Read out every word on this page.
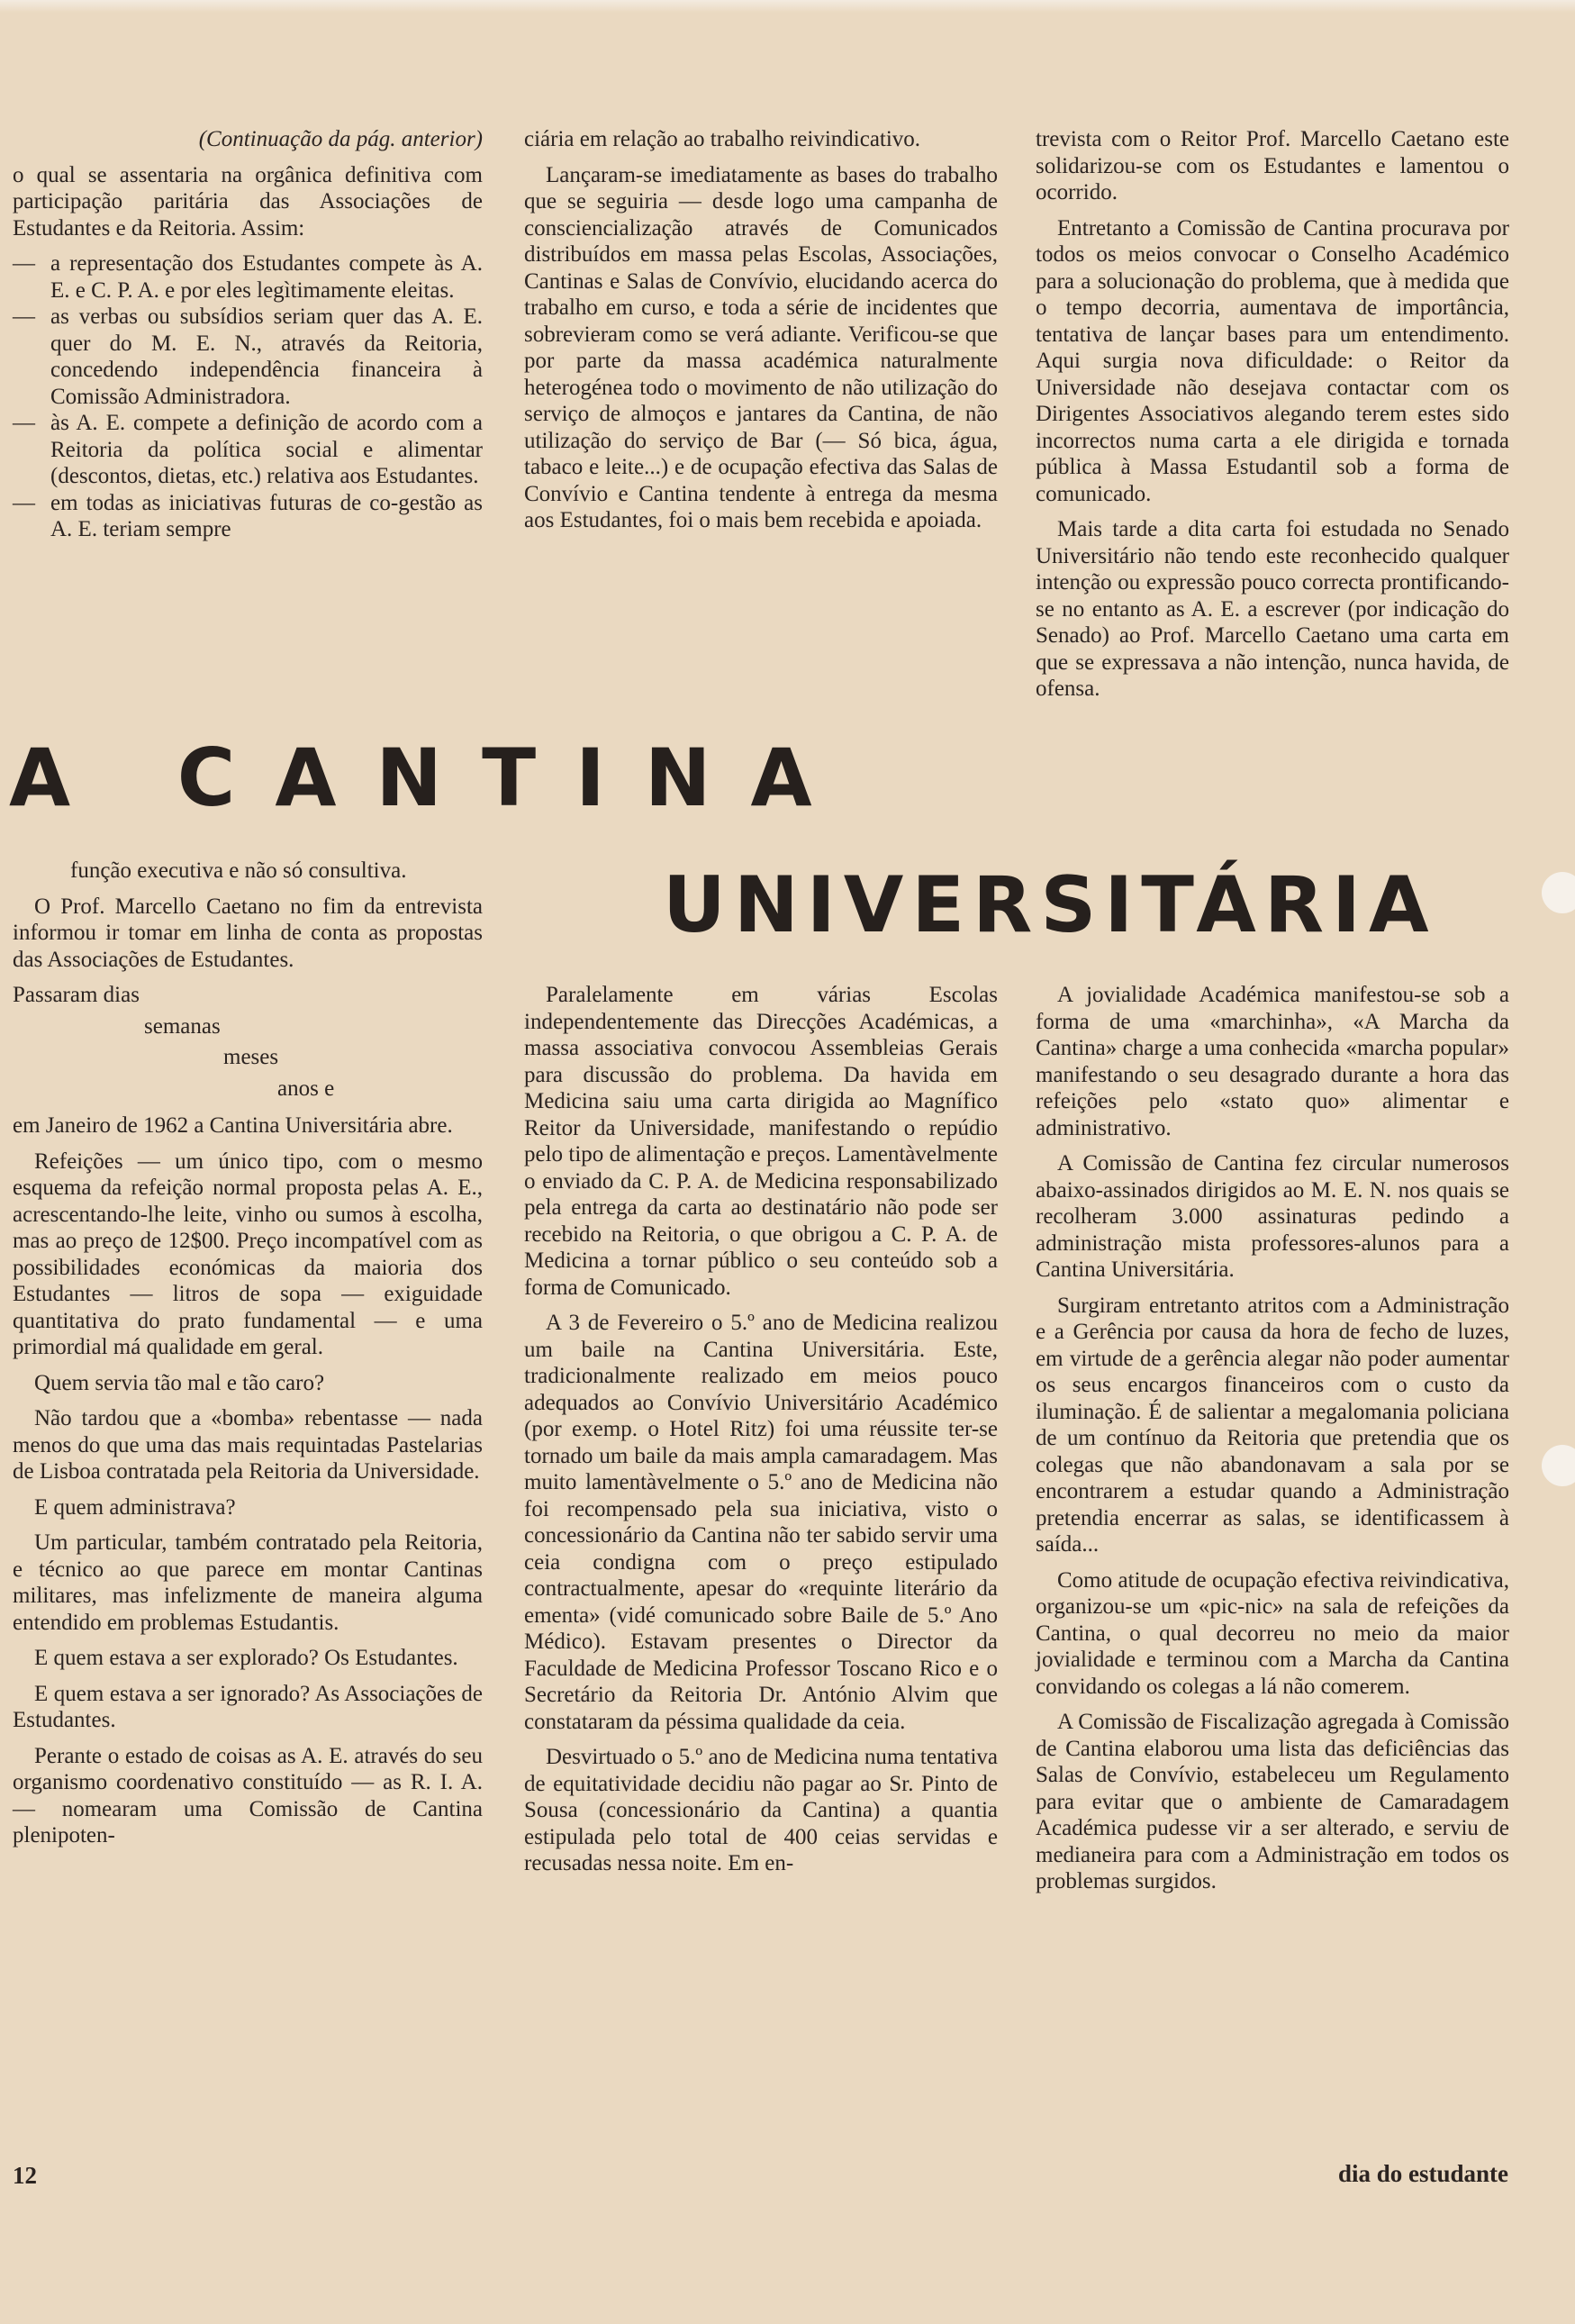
(Continuação da pág. anterior)

o qual se assentaria na orgânica definitiva com participação paritária das Associações de Estudantes e da Reitoria. Assim:

— a representação dos Estudantes compete às A. E. e C. P. A. e por eles legìtimamente eleitas.

— as verbas ou subsídios seriam quer das A. E. quer do M. E. N., através da Reitoria, concedendo independência financeira à Comissão Administradora.

— às A. E. compete a definição de acordo com a Reitoria da política social e alimentar (descontos, dietas, etc.) relativa aos Estudantes.

— em todas as iniciativas futuras de co-gestão as A. E. teriam sempre

ciária em relação ao trabalho reivindicativo.

Lançaram-se imediatamente as bases do trabalho que se seguiria — desde logo uma campanha de consciencialização através de Comunicados distribuídos em massa pelas Escolas, Associações, Cantinas e Salas de Convívio, elucidando acerca do trabalho em curso, e toda a série de incidentes que sobrevieram como se verá adiante. Verificou-se que por parte da massa académica naturalmente heterogénea todo o movimento de não utilização do serviço de almoços e jantares da Cantina, de não utilização do serviço de Bar (— Só bica, água, tabaco e leite...) e de ocupação efectiva das Salas de Convívio e Cantina tendente à entrega da mesma aos Estudantes, foi o mais bem recebida e apoiada.

trevista com o Reitor Prof. Marcello Caetano este solidarizou-se com os Estudantes e lamentou o ocorrido.

Entretanto a Comissão de Cantina procurava por todos os meios convocar o Conselho Académico para a solucionação do problema, que à medida que o tempo decorria, aumentava de importância, tentativa de lançar bases para um entendimento. Aqui surgia nova dificuldade: o Reitor da Universidade não desejava contactar com os Dirigentes Associativos alegando terem estes sido incorrectos numa carta a ele dirigida e tornada pública à Massa Estudantil sob a forma de comunicado.

Mais tarde a dita carta foi estudada no Senado Universitário não tendo este reconhecido qualquer intenção ou expressão pouco correcta prontificando-se no entanto as A. E. a escrever (por indicação do Senado) ao Prof. Marcello Caetano uma carta em que se expressava a não intenção, nunca havida, de ofensa.

A CANTINA
UNIVERSITÁRIA

função executiva e não só consultiva.

O Prof. Marcello Caetano no fim da entrevista informou ir tomar em linha de conta as propostas das Associações de Estudantes.

Passaram dias

semanas

meses

anos e

em Janeiro de 1962 a Cantina Universitária abre.

Refeições — um único tipo, com o mesmo esquema da refeição normal proposta pelas A. E., acrescentando-lhe leite, vinho ou sumos à escolha, mas ao preço de 12$00. Preço incompatível com as possibilidades económicas da maioria dos Estudantes — litros de sopa — exiguidade quantitativa do prato fundamental — e uma primordial má qualidade em geral.

Quem servia tão mal e tão caro?

Não tardou que a «bomba» rebentasse — nada menos do que uma das mais requintadas Pastelarias de Lisboa contratada pela Reitoria da Universidade.

E quem administrava?

Um particular, também contratado pela Reitoria, e técnico ao que parece em montar Cantinas militares, mas infelizmente de maneira alguma entendido em problemas Estudantis.

E quem estava a ser explorado? Os Estudantes.

E quem estava a ser ignorado? As Associações de Estudantes.

Perante o estado de coisas as A. E. através do seu organismo coordenativo constituído — as R. I. A. — nomearam uma Comissão de Cantina plenipoten-

Paralelamente em várias Escolas independentemente das Direcções Académicas, a massa associativa convocou Assembleias Gerais para discussão do problema. Da havida em Medicina saiu uma carta dirigida ao Magnífico Reitor da Universidade, manifestando o repúdio pelo tipo de alimentação e preços. Lamentàvelmente o enviado da C. P. A. de Medicina responsabilizado pela entrega da carta ao destinatário não pode ser recebido na Reitoria, o que obrigou a C. P. A. de Medicina a tornar público o seu conteúdo sob a forma de Comunicado.

A 3 de Fevereiro o 5.º ano de Medicina realizou um baile na Cantina Universitária. Este, tradicionalmente realizado em meios pouco adequados ao Convívio Universitário Académico (por exemp. o Hotel Ritz) foi uma réussite ter-se tornado um baile da mais ampla camaradagem. Mas muito lamentàvelmente o 5.º ano de Medicina não foi recompensado pela sua iniciativa, visto o concessionário da Cantina não ter sabido servir uma ceia condigna com o preço estipulado contractualmente, apesar do «requinte literário da ementa» (vidé comunicado sobre Baile de 5.º Ano Médico). Estavam presentes o Director da Faculdade de Medicina Professor Toscano Rico e o Secretário da Reitoria Dr. António Alvim que constataram da péssima qualidade da ceia.

Desvirtuado o 5.º ano de Medicina numa tentativa de equitatividade decidiu não pagar ao Sr. Pinto de Sousa (concessionário da Cantina) a quantia estipulada pelo total de 400 ceias servidas e recusadas nessa noite. Em en-

A jovialidade Académica manifestou-se sob a forma de uma «marchinha», «A Marcha da Cantina» charge a uma conhecida «marcha popular» manifestando o seu desagrado durante a hora das refeições pelo «stato quo» alimentar e administrativo.

A Comissão de Cantina fez circular numerosos abaixo-assinados dirigidos ao M. E. N. nos quais se recolheram 3.000 assinaturas pedindo a administração mista professores-alunos para a Cantina Universitária.

Surgiram entretanto atritos com a Administração e a Gerência por causa da hora de fecho de luzes, em virtude de a gerência alegar não poder aumentar os seus encargos financeiros com o custo da iluminação. É de salientar a megalomania policiana de um contínuo da Reitoria que pretendia que os colegas que não abandonavam a sala por se encontrarem a estudar quando a Administração pretendia encerrar as salas, se identificassem à saída...

Como atitude de ocupação efectiva reivindicativa, organizou-se um «pic-nic» na sala de refeições da Cantina, o qual decorreu no meio da maior jovialidade e terminou com a Marcha da Cantina convidando os colegas a lá não comerem.

A Comissão de Fiscalização agregada à Comissão de Cantina elaborou uma lista das deficiências das Salas de Convívio, estabeleceu um Regulamento para evitar que o ambiente de Camaradagem Académica pudesse vir a ser alterado, e serviu de medianeira para com a Administração em todos os problemas surgidos.

12	dia do estudante
